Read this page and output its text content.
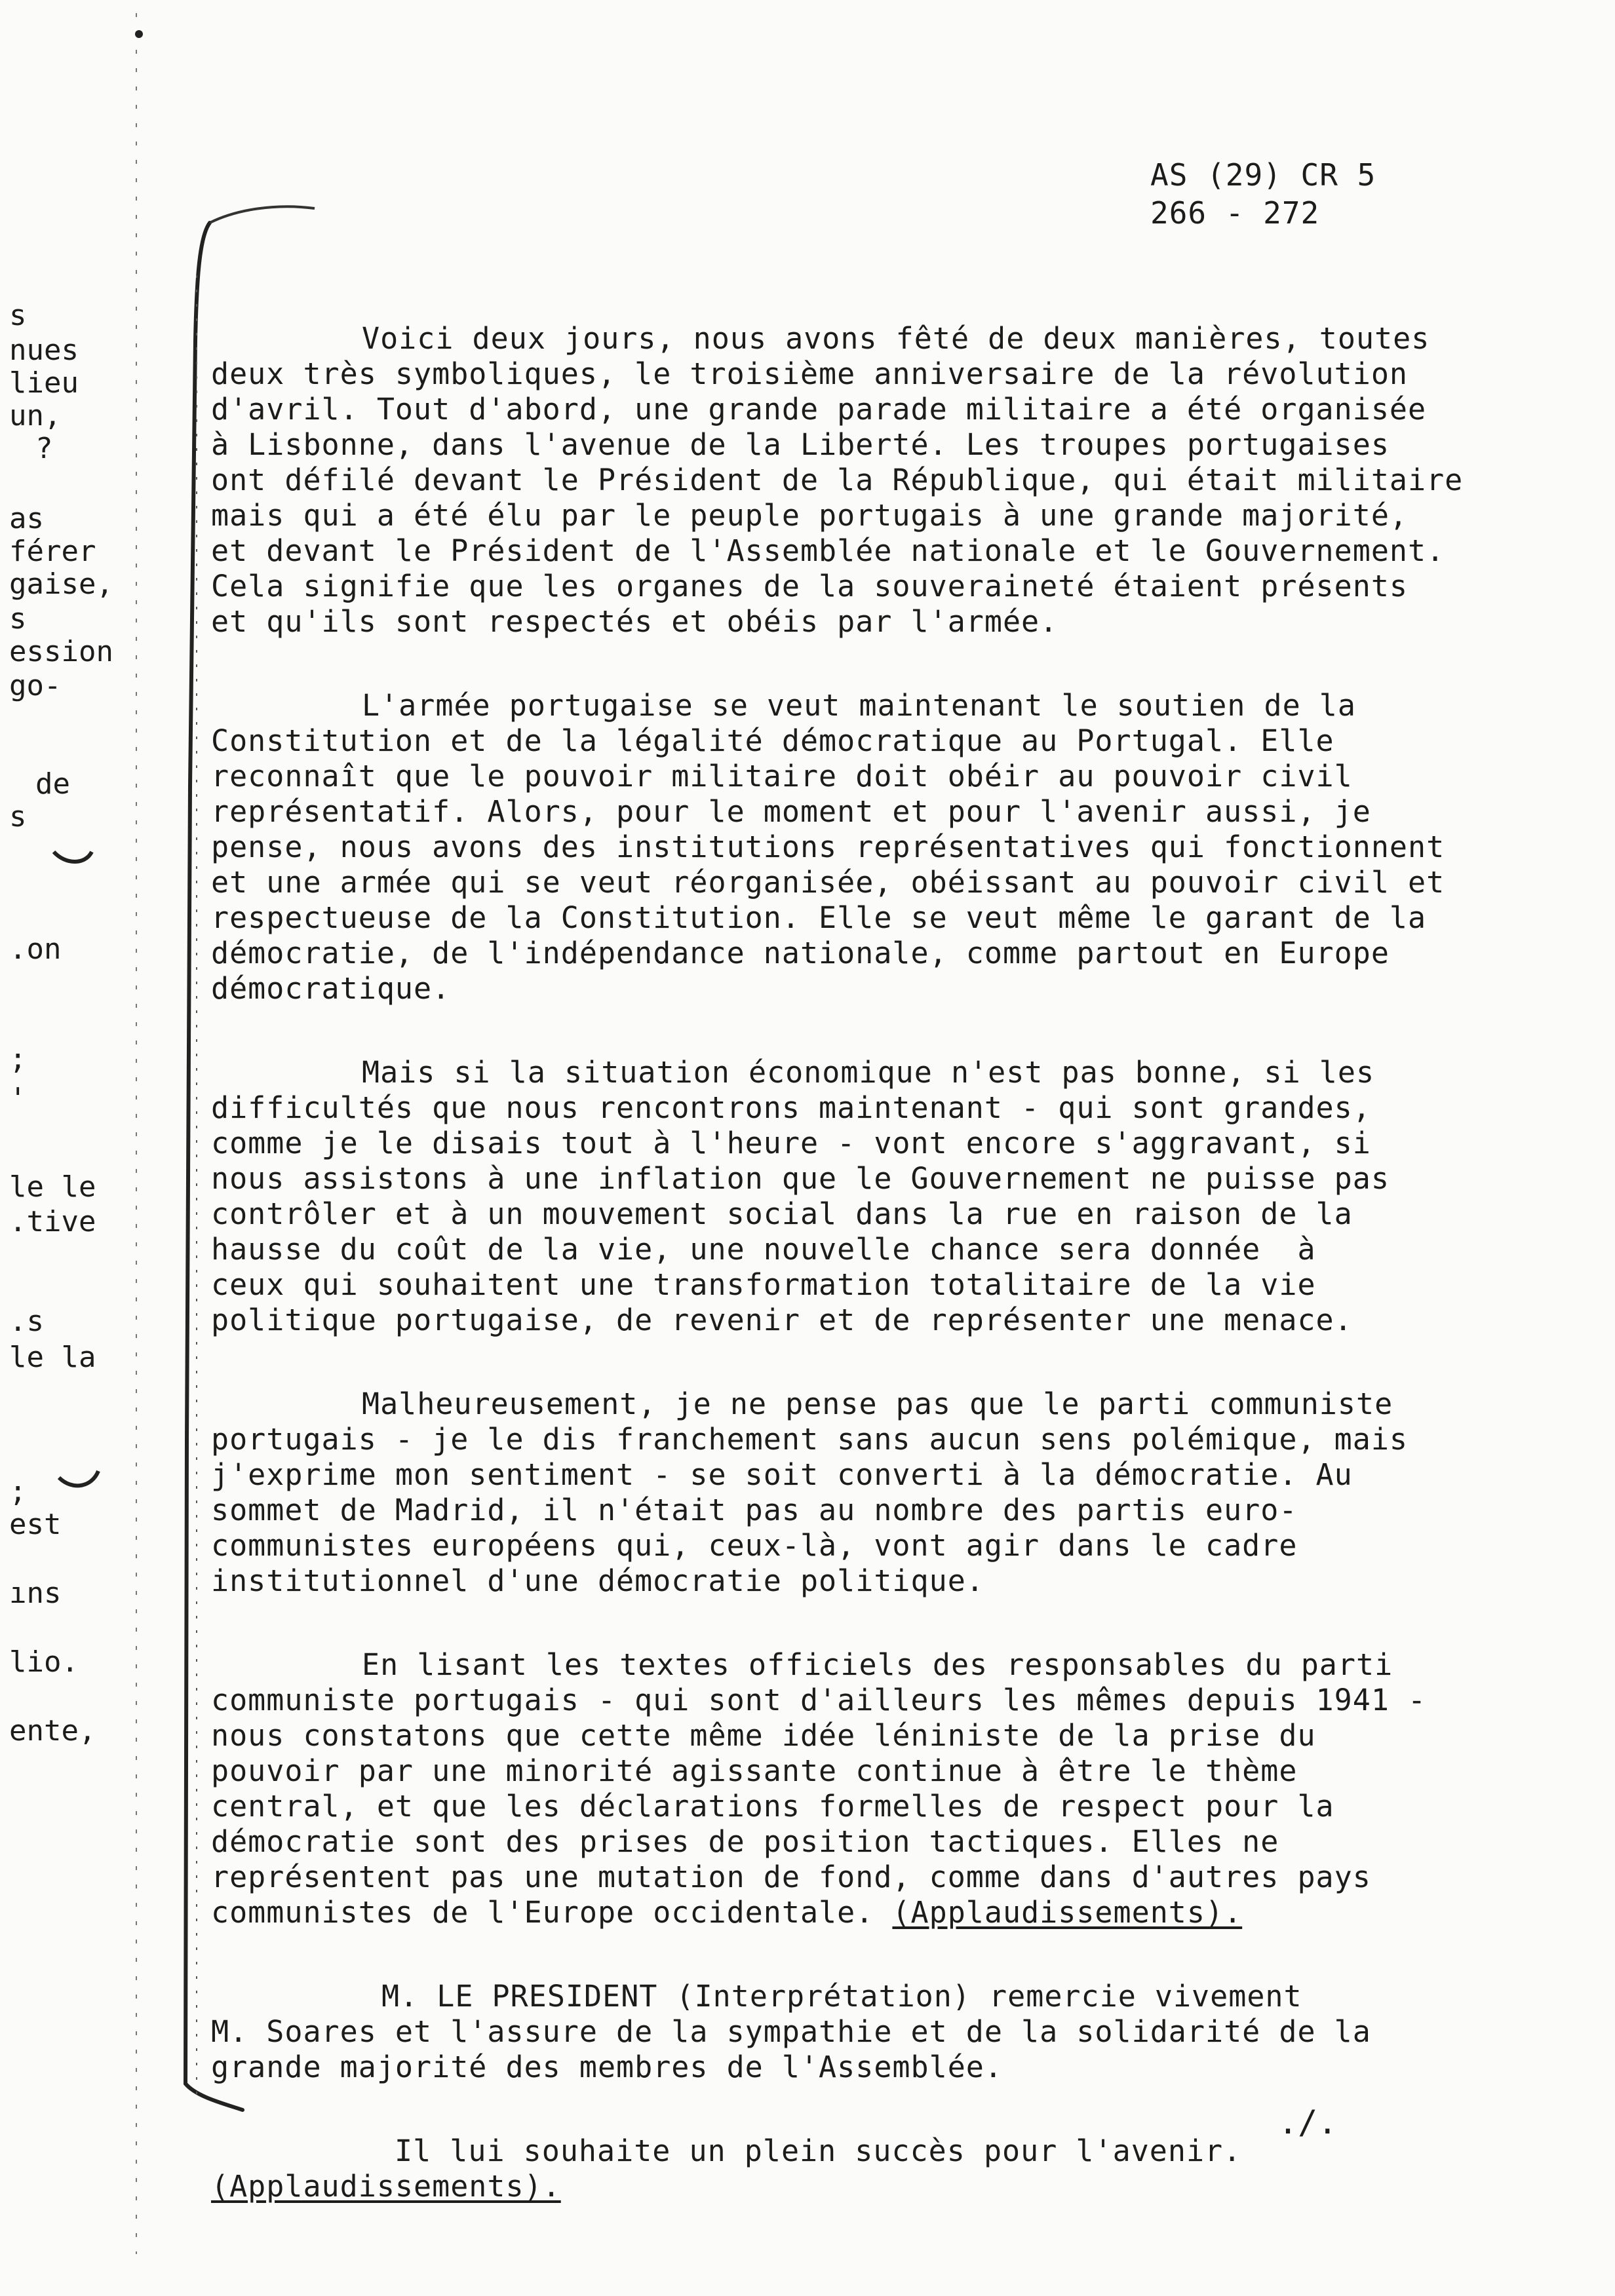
AS (29) CR 5
266 - 272
s
nues
lieu
un,
?
as
férer
gaise,
s
ession
go-
de
s
.on
;
'
le le
.tive
.s
le la
;
est
ıns
lio.
ente,
Voici deux jours, nous avons fêté de deux manières, toutes
deux très symboliques, le troisième anniversaire de la révolution
d'avril. Tout d'abord, une grande parade militaire a été organisée
à Lisbonne, dans l'avenue de la Liberté. Les troupes portugaises
ont défilé devant le Président de la République, qui était militaire
mais qui a été élu par le peuple portugais à une grande majorité,
et devant le Président de l'Assemblée nationale et le Gouvernement.
Cela signifie que les organes de la souveraineté étaient présents
et qu'ils sont respectés et obéis par l'armée.
L'armée portugaise se veut maintenant le soutien de la
Constitution et de la légalité démocratique au Portugal. Elle
reconnaît que le pouvoir militaire doit obéir au pouvoir civil
représentatif. Alors, pour le moment et pour l'avenir aussi, je
pense, nous avons des institutions représentatives qui fonctionnent
et une armée qui se veut réorganisée, obéissant au pouvoir civil et
respectueuse de la Constitution. Elle se veut même le garant de la
démocratie, de l'indépendance nationale, comme partout en Europe
démocratique.
Mais si la situation économique n'est pas bonne, si les
difficultés que nous rencontrons maintenant - qui sont grandes,
comme je le disais tout à l'heure - vont encore s'aggravant, si
nous assistons à une inflation que le Gouvernement ne puisse pas
contrôler et à un mouvement social dans la rue en raison de la
hausse du coût de la vie, une nouvelle chance sera donnée  à
ceux qui souhaitent une transformation totalitaire de la vie
politique portugaise, de revenir et de représenter une menace.
Malheureusement, je ne pense pas que le parti communiste
portugais - je le dis franchement sans aucun sens polémique, mais
j'exprime mon sentiment - se soit converti à la démocratie. Au
sommet de Madrid, il n'était pas au nombre des partis euro-
communistes européens qui, ceux-là, vont agir dans le cadre
institutionnel d'une démocratie politique.
En lisant les textes officiels des responsables du parti
communiste portugais - qui sont d'ailleurs les mêmes depuis 1941 -
nous constatons que cette même idée léniniste de la prise du
pouvoir par une minorité agissante continue à être le thème
central, et que les déclarations formelles de respect pour la
démocratie sont des prises de position tactiques. Elles ne
représentent pas une mutation de fond, comme dans d'autres pays
communistes de l'Europe occidentale. (Applaudissements).
M. LE PRESIDENT (Interprétation) remercie vivement
M. Soares et l'assure de la sympathie et de la solidarité de la
grande majorité des membres de l'Assemblée.
Il lui souhaite un plein succès pour l'avenir.
(Applaudissements).
./.
